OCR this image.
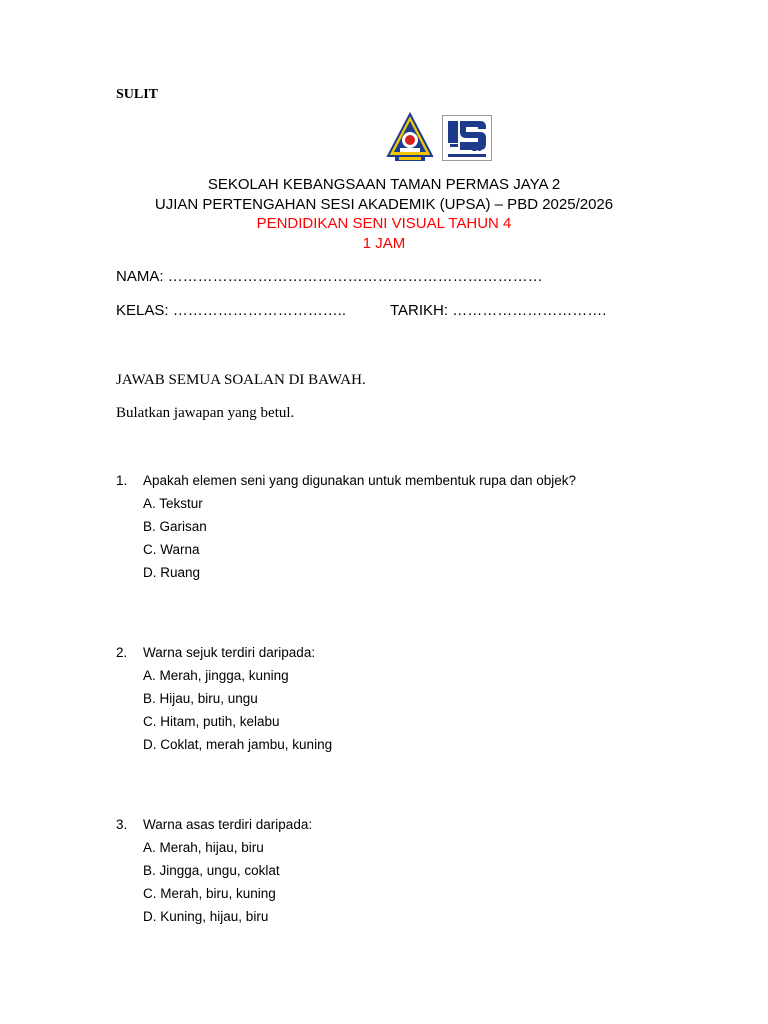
SULIT
25
SEKOLAH KEBANGSAAN TAMAN PERMAS JAYA 2
UJIAN PERTENGAHAN SESI AKADEMIK (UPSA) – PBD 2025/2026
PENDIDIKAN SENI VISUAL TAHUN 4
1 JAM
NAMA: …………………………………………………………………
KELAS: ……………………………..	TARIKH: ………………………….
JAWAB SEMUA SOALAN DI BAWAH.
Bulatkan jawapan yang betul.
1.	Apakah elemen seni yang digunakan untuk membentuk rupa dan objek?
A. Tekstur
B. Garisan
C. Warna
D. Ruang
2.	Warna sejuk terdiri daripada:
A. Merah, jingga, kuning
B. Hijau, biru, ungu
C. Hitam, putih, kelabu
D. Coklat, merah jambu, kuning
3.	Warna asas terdiri daripada:
A. Merah, hijau, biru
B. Jingga, ungu, coklat
C. Merah, biru, kuning
D. Kuning, hijau, biru
